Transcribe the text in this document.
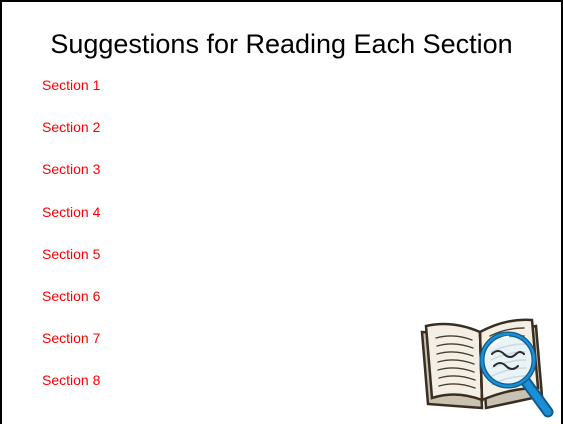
Suggestions for Reading Each Section
Section 1
Section 2
Section 3
Section 4
Section 5
Section 6
Section 7
Section 8
